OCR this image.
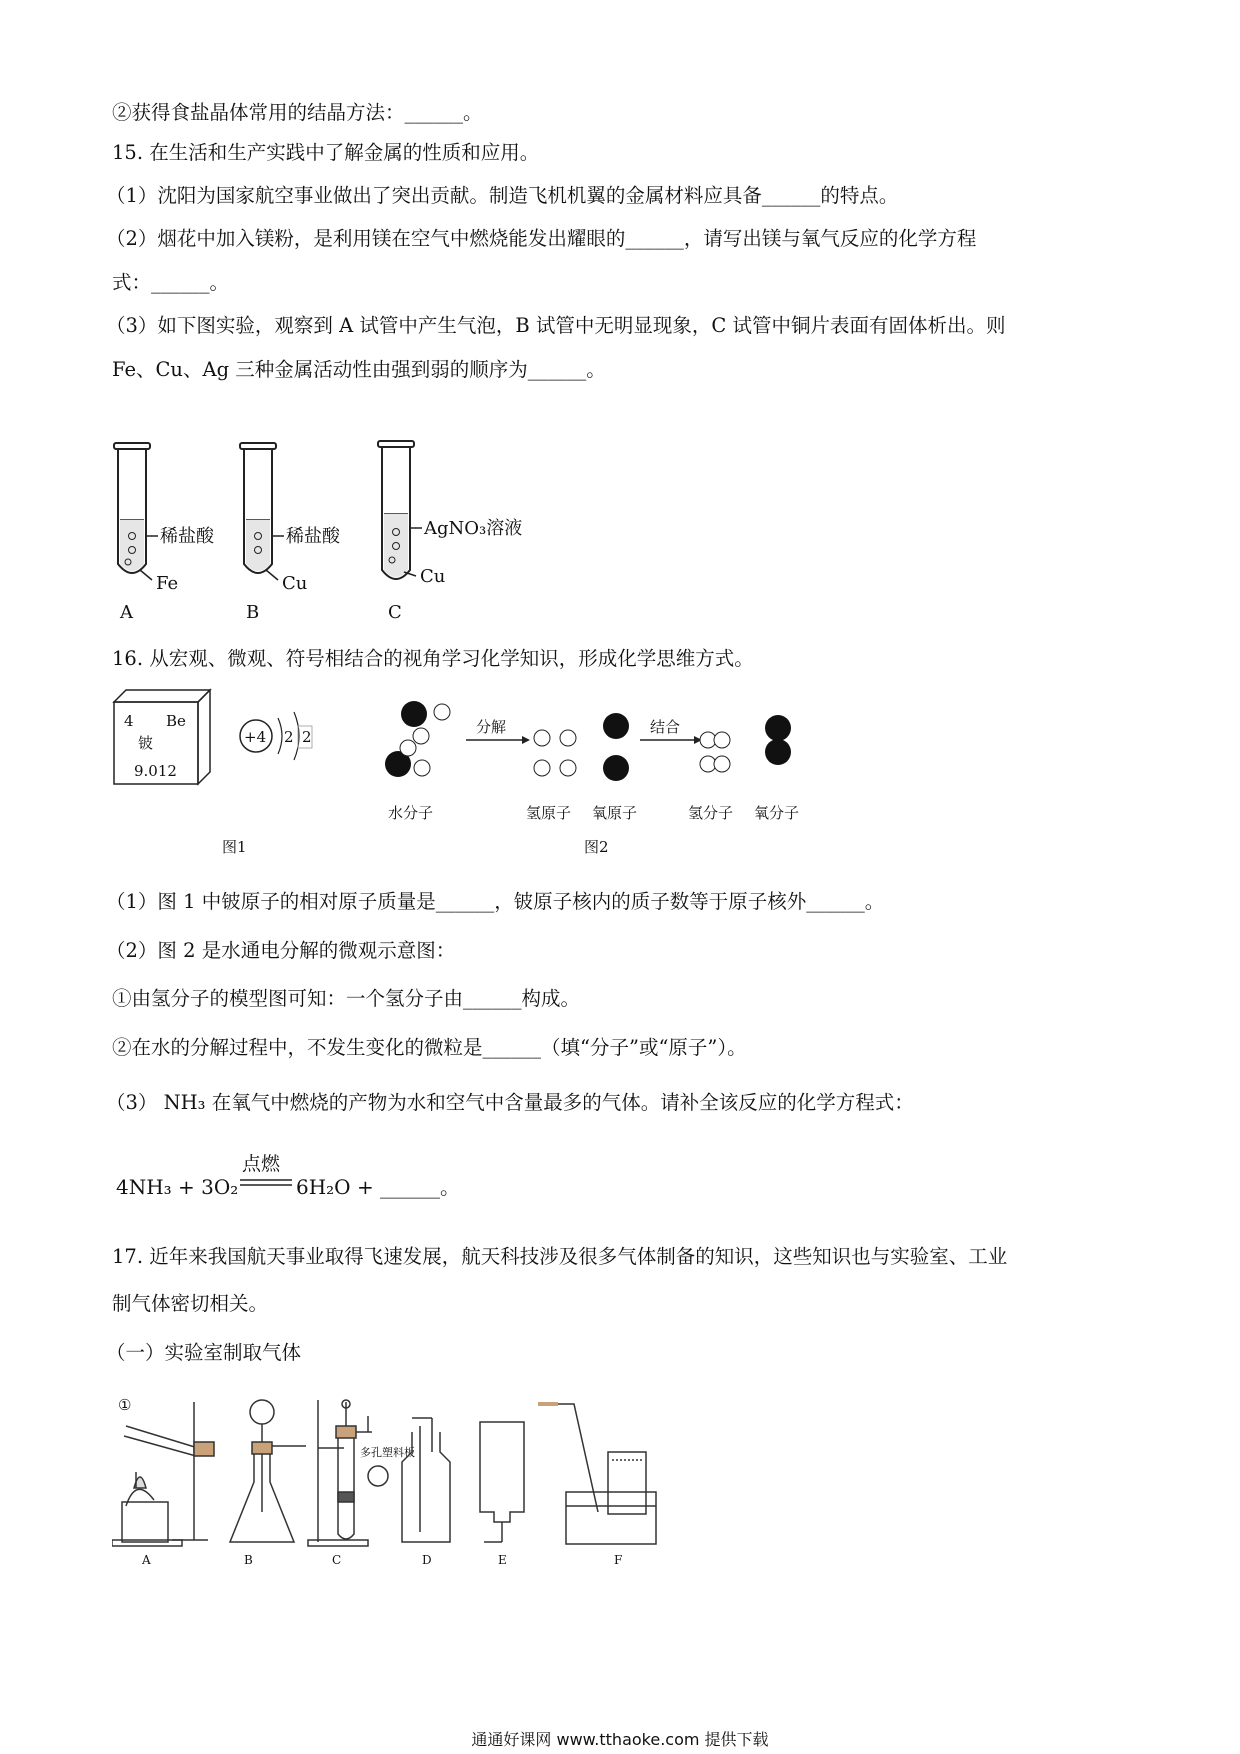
②获得食盐晶体常用的结晶方法：______。
15. 在生活和生产实践中了解金属的性质和应用。
（1）沈阳为国家航空事业做出了突出贡献。制造飞机机翼的金属材料应具备______的特点。
（2）烟花中加入镁粉，是利用镁在空气中燃烧能发出耀眼的______，请写出镁与氧气反应的化学方程
式：______。
（3）如下图实验，观察到 A 试管中产生气泡，B 试管中无明显现象，C 试管中铜片表面有固体析出。则
Fe、Cu、Ag 三种金属活动性由强到弱的顺序为______。
稀盐酸
Fe
A
稀盐酸
Cu
B
AgNO₃溶液
Cu
C
16. 从宏观、微观、符号相结合的视角学习化学知识，形成化学思维方式。
4 Be
铍
9.012
+4 2 2
图1
水分子
分解
氢原子 氧原子
结合
氢分子 氧分子
图2
（1）图 1 中铍原子的相对原子质量是______，铍原子核内的质子数等于原子核外______。
（2）图 2 是水通电分解的微观示意图：
①由氢分子的模型图可知：一个氢分子由______构成。
②在水的分解过程中，不发生变化的微粒是______（填“分子”或“原子”）。
（3） NH₃ 在氧气中燃烧的产物为水和空气中含量最多的气体。请补全该反应的化学方程式：
4NH₃ + 3O₂
点燃
6H₂O + ______。
17. 近年来我国航天事业取得飞速发展，航天科技涉及很多气体制备的知识，这些知识也与实验室、工业
制气体密切相关。
（一）实验室制取气体
①
多孔塑料板
A	B	C	D	E	F
通通好课网 www.tthaoke.com 提供下载
